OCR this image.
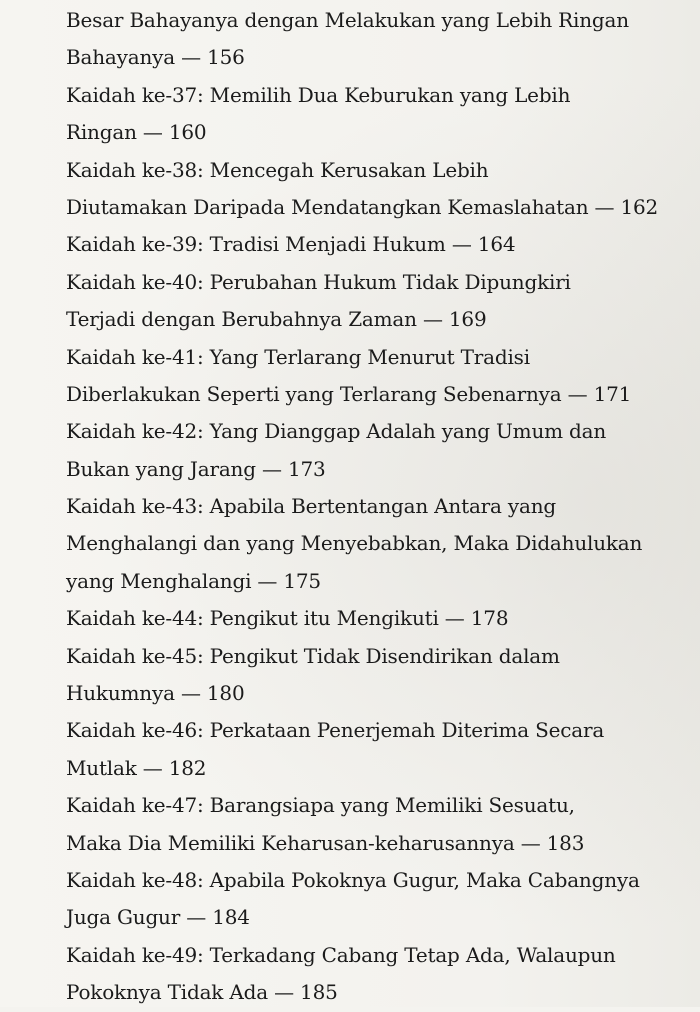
Besar Bahayanya dengan Melakukan yang Lebih Ringan
Bahayanya — 156
Kaidah ke-37: Memilih Dua Keburukan yang Lebih
Ringan — 160
Kaidah ke-38: Mencegah Kerusakan Lebih
Diutamakan Daripada Mendatangkan Kemaslahatan — 162
Kaidah ke-39: Tradisi Menjadi Hukum — 164
Kaidah ke-40: Perubahan Hukum Tidak Dipungkiri
Terjadi dengan Berubahnya Zaman — 169
Kaidah ke-41: Yang Terlarang Menurut Tradisi
Diberlakukan Seperti yang Terlarang Sebenarnya — 171
Kaidah ke-42: Yang Dianggap Adalah yang Umum dan
Bukan yang Jarang — 173
Kaidah ke-43: Apabila Bertentangan Antara yang
Menghalangi dan yang Menyebabkan, Maka Didahulukan
yang Menghalangi — 175
Kaidah ke-44: Pengikut itu Mengikuti — 178
Kaidah ke-45: Pengikut Tidak Disendirikan dalam
Hukumnya — 180
Kaidah ke-46: Perkataan Penerjemah Diterima Secara
Mutlak — 182
Kaidah ke-47: Barangsiapa yang Memiliki Sesuatu,
Maka Dia Memiliki Keharusan-keharusannya — 183
Kaidah ke-48: Apabila Pokoknya Gugur, Maka Cabangnya
Juga Gugur — 184
Kaidah ke-49: Terkadang Cabang Tetap Ada, Walaupun
Pokoknya Tidak Ada — 185
